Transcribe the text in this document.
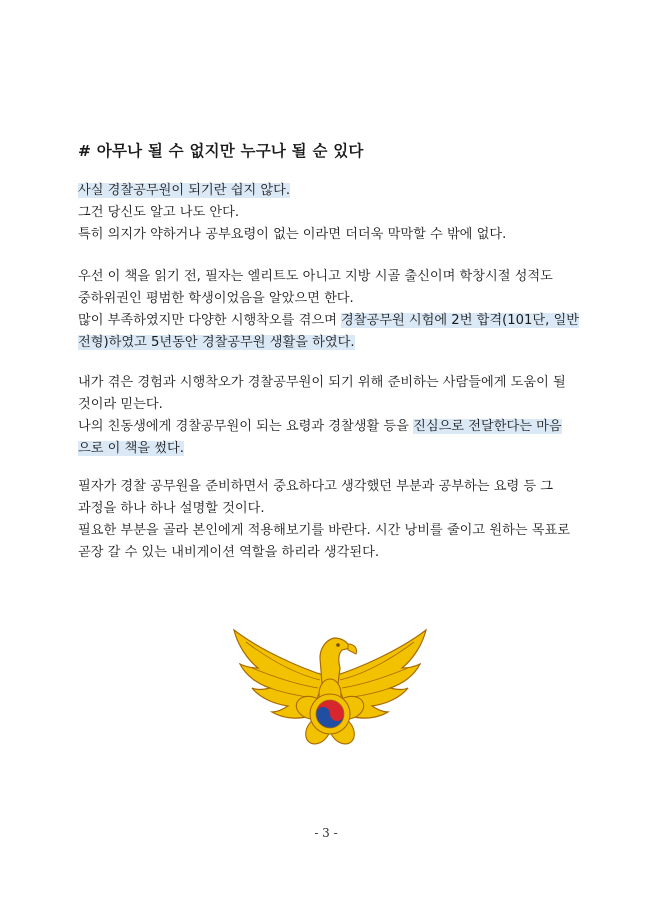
# 아무나 될 수 없지만 누구나 될 순 있다
사실 경찰공무원이 되기란 쉽지 않다.
그건 당신도 알고 나도 안다.
특히 의지가 약하거나 공부요령이 없는 이라면 더더욱 막막할 수 밖에 없다.
우선 이 책을 읽기 전, 필자는 엘리트도 아니고 지방 시골 출신이며 학창시절 성적도
중하위권인 평범한 학생이었음을 알았으면 한다.
많이 부족하였지만 다양한 시행착오를 겪으며 경찰공무원 시험에 2번 합격(101단, 일반
전형)하였고 5년동안 경찰공무원 생활을 하였다.
내가 겪은 경험과 시행착오가 경찰공무원이 되기 위해 준비하는 사람들에게 도움이 될
것이라 믿는다.
나의 친동생에게 경찰공무원이 되는 요령과 경찰생활 등을 진심으로 전달한다는 마음
으로 이 책을 썼다.
필자가 경찰 공무원을 준비하면서 중요하다고 생각했던 부분과 공부하는 요령 등 그
과정을 하나 하나 설명할 것이다.
필요한 부분을 골라 본인에게 적용해보기를 바란다. 시간 낭비를 줄이고 원하는 목표로
곧장 갈 수 있는 내비게이션 역할을 하리라 생각된다.
- 3 -
